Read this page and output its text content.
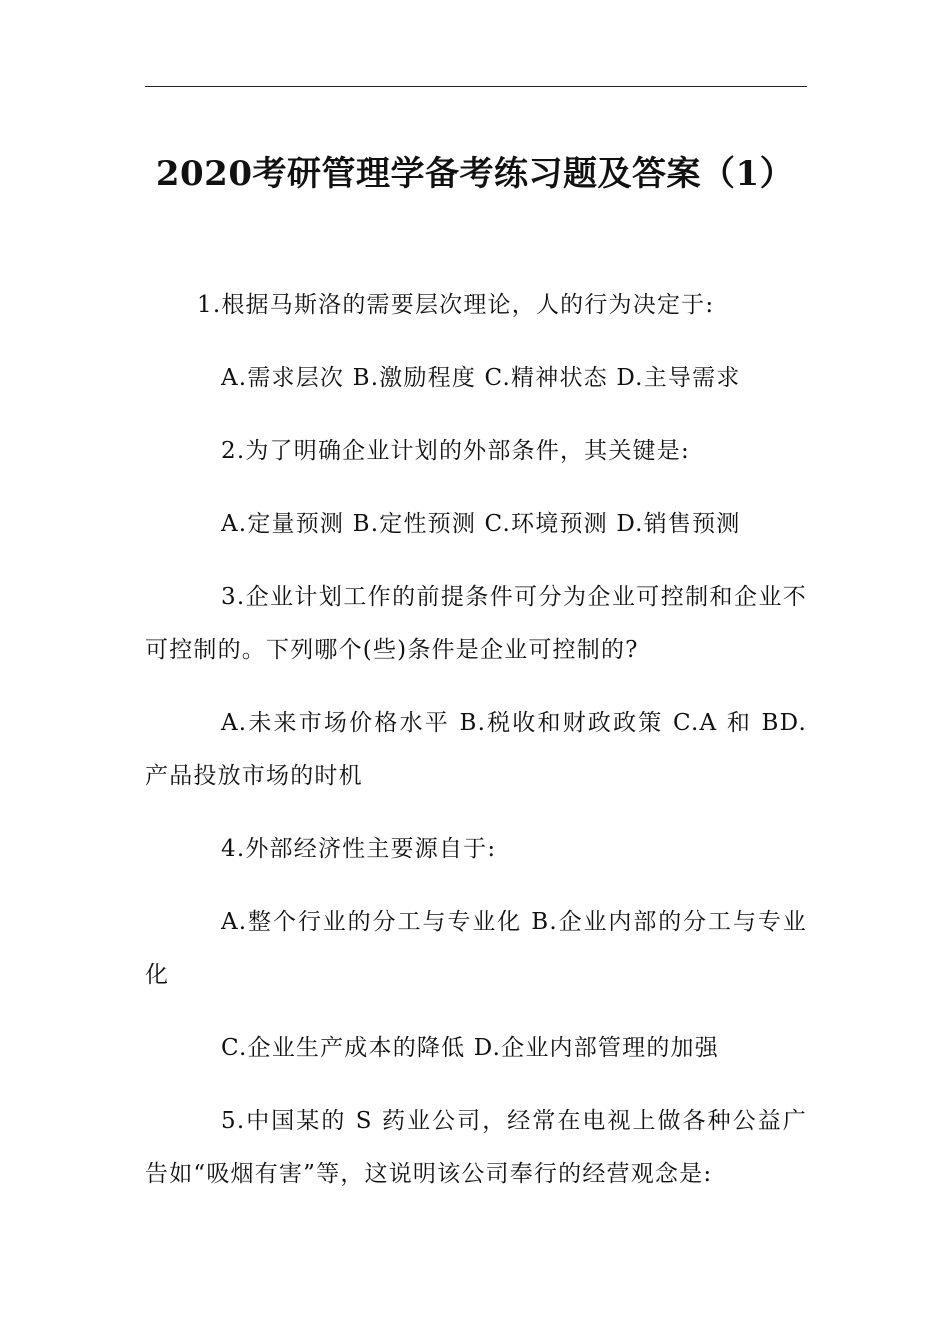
2020考研管理学备考练习题及答案（1）

1.根据马斯洛的需要层次理论，人的行为决定于:

A.需求层次 B.激励程度 C.精神状态 D.主导需求

2.为了明确企业计划的外部条件，其关键是:

A.定量预测 B.定性预测 C.环境预测 D.销售预测

3.企业计划工作的前提条件可分为企业可控制和企业不可控制的。下列哪个(些)条件是企业可控制的?

A.未来市场价格水平 B.税收和财政政策 C.A 和 BD.产品投放市场的时机

4.外部经济性主要源自于:

A.整个行业的分工与专业化 B.企业内部的分工与专业化

C.企业生产成本的降低 D.企业内部管理的加强

5.中国某的 S 药业公司，经常在电视上做各种公益广告如“吸烟有害”等，这说明该公司奉行的经营观念是:
